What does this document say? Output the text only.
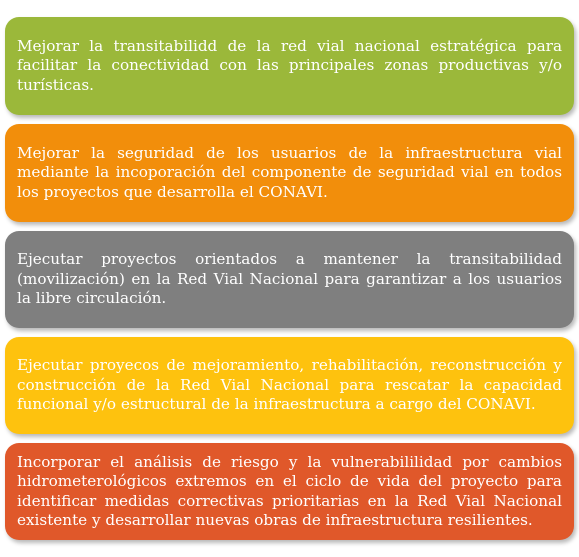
Mejorar la transitabilidd de la red vial nacional estratégica para facilitar la conectividad con las principales zonas productivas y/o turísticas.
Mejorar la seguridad de los usuarios de la infraestructura vial mediante la incoporación del componente de seguridad vial en todos los proyectos que desarrolla el CONAVI.
Ejecutar proyectos orientados a mantener la transitabilidad (movilización) en la Red Vial Nacional para garantizar a los usuarios la libre circulación.
Ejecutar proyecos de mejoramiento, rehabilitación, reconstrucción y construcción de la Red Vial Nacional para rescatar la capacidad funcional y/o estructural de la infraestructura a cargo del CONAVI.
Incorporar el análisis de riesgo y la vulnerabililidad por cambios hidrometerológicos extremos en el ciclo de vida del proyecto para identificar medidas correctivas prioritarias en la Red Vial Nacional existente y desarrollar nuevas obras de infraestructura resilientes.
